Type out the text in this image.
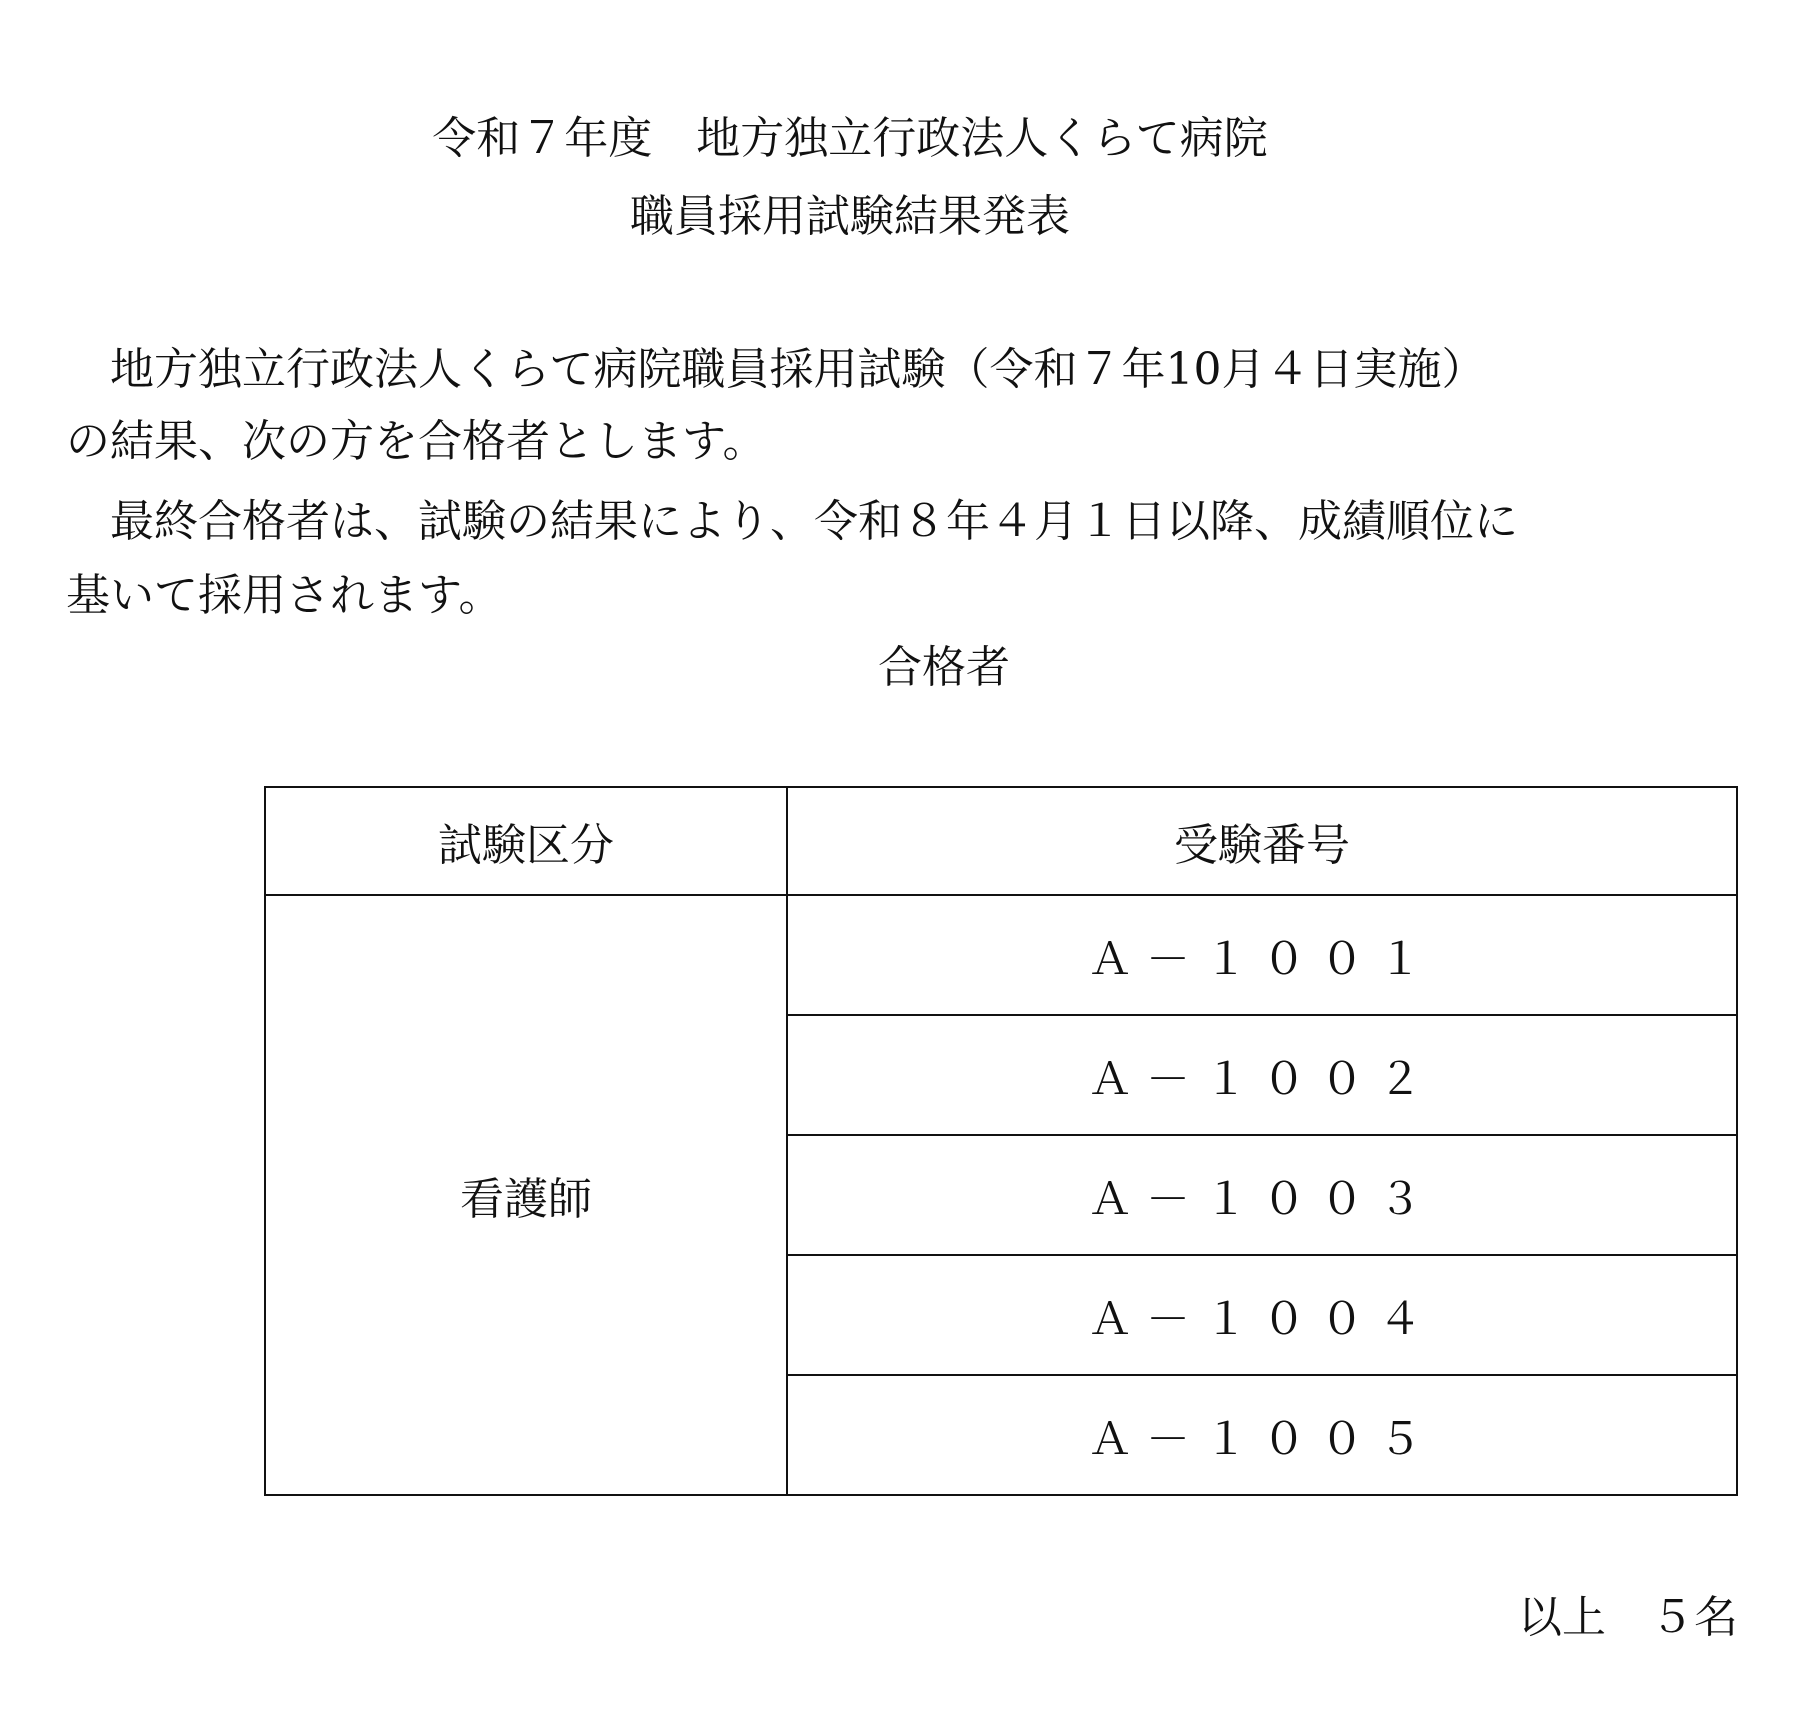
令和７年度　地方独立行政法人くらて病院
職員採用試験結果発表

　地方独立行政法人くらて病院職員採用試験（令和７年10月４日実施）

の結果、次の方を合格者とします。

　最終合格者は、試験の結果により、令和８年４月１日以降、成績順位に

基いて採用されます。

合格者
試験区分	受験番号
看護師	Ａ－１００１
	Ａ－１００２
	Ａ－１００３
	Ａ－１００４
	Ａ－１００５

以上　５名
